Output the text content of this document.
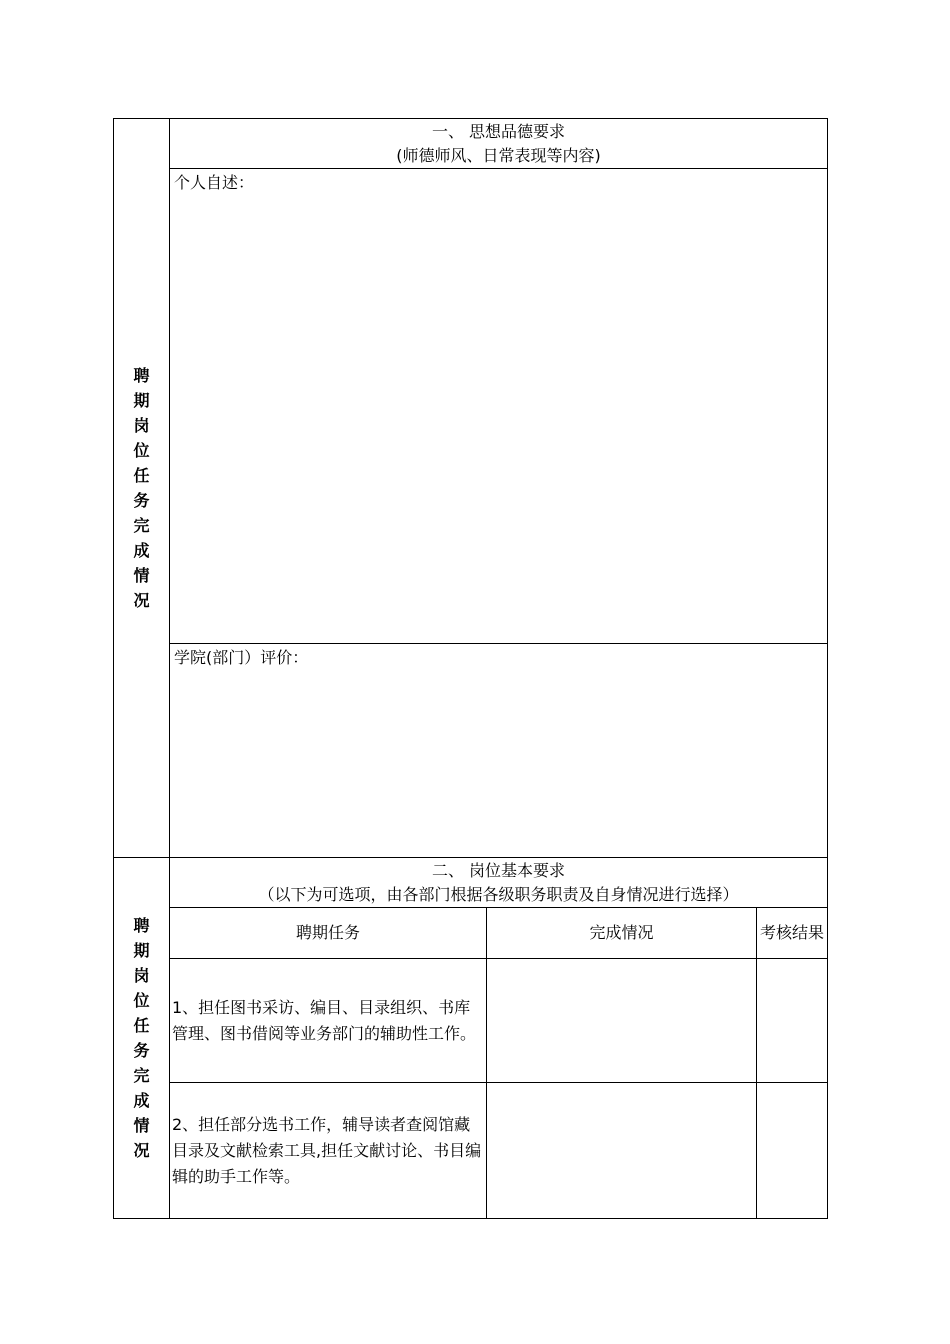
聘期岗位任务完成情况	一、 思想品德要求
(师德师风、日常表现等内容)		

	个人自述：		
	学院(部门）评价：		
聘期岗位任务完成情况	二、 岗位基本要求
（以下为可选项，由各部门根据各级职务职责及自身情况进行选择）		

	聘期任务	完成情况	考核结果
	1、担任图书采访、编目、目录组织、书库管理、图书借阅等业务部门的辅助性工作。		
	2、担任部分选书工作，辅导读者查阅馆藏目录及文献检索工具,担任文献讨论、书目编辑的助手工作等。		
